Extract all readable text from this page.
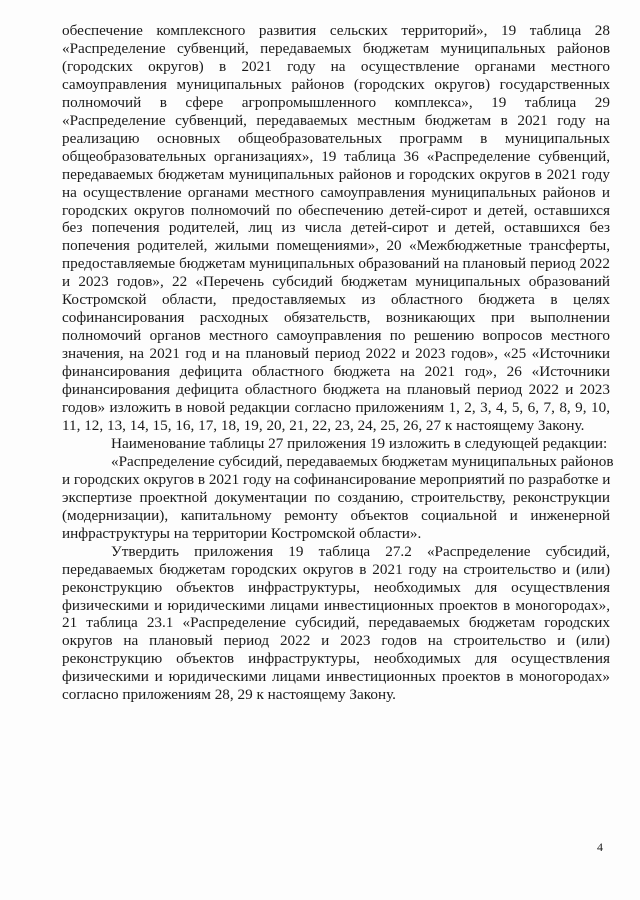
обеспечение комплексного развития сельских территорий», 19 таблица 28
«Распределение субвенций, передаваемых бюджетам муниципальных районов
(городских округов) в 2021 году на осуществление органами местного
самоуправления муниципальных районов (городских округов) государственных
полномочий в сфере агропромышленного комплекса», 19 таблица 29
«Распределение субвенций, передаваемых местным бюджетам в 2021 году на
реализацию основных общеобразовательных программ в муниципальных
общеобразовательных организациях», 19 таблица 36 «Распределение субвенций,
передаваемых бюджетам муниципальных районов и городских округов в 2021 году
на осуществление органами местного самоуправления муниципальных районов и
городских округов полномочий по обеспечению детей-сирот и детей, оставшихся
без попечения родителей, лиц из числа детей-сирот и детей, оставшихся без
попечения родителей, жилыми помещениями», 20 «Межбюджетные трансферты,
предоставляемые бюджетам муниципальных образований на плановый период 2022
и 2023 годов», 22 «Перечень субсидий бюджетам муниципальных образований
Костромской области, предоставляемых из областного бюджета в целях
софинансирования расходных обязательств, возникающих при выполнении
полномочий органов местного самоуправления по решению вопросов местного
значения, на 2021 год и на плановый период 2022 и 2023 годов», «25 «Источники
финансирования дефицита областного бюджета на 2021 год», 26 «Источники
финансирования дефицита областного бюджета на плановый период 2022 и 2023
годов» изложить в новой редакции согласно приложениям 1, 2, 3, 4, 5, 6, 7, 8, 9, 10,
11, 12, 13, 14, 15, 16, 17, 18, 19, 20, 21, 22, 23, 24, 25, 26, 27 к настоящему Закону.
Наименование таблицы 27 приложения 19 изложить в следующей редакции:
«Распределение субсидий, передаваемых бюджетам муниципальных районов
и городских округов в 2021 году на софинансирование мероприятий по разработке и
экспертизе проектной документации по созданию, строительству, реконструкции
(модернизации), капитальному ремонту объектов социальной и инженерной
инфраструктуры на территории Костромской области».
Утвердить приложения 19 таблица 27.2 «Распределение субсидий,
передаваемых бюджетам городских округов в 2021 году на строительство и (или)
реконструкцию объектов инфраструктуры, необходимых для осуществления
физическими и юридическими лицами инвестиционных проектов в моногородах»,
21 таблица 23.1 «Распределение субсидий, передаваемых бюджетам городских
округов на плановый период 2022 и 2023 годов на строительство и (или)
реконструкцию объектов инфраструктуры, необходимых для осуществления
физическими и юридическими лицами инвестиционных проектов в моногородах»
согласно приложениям 28, 29 к настоящему Закону.
4
